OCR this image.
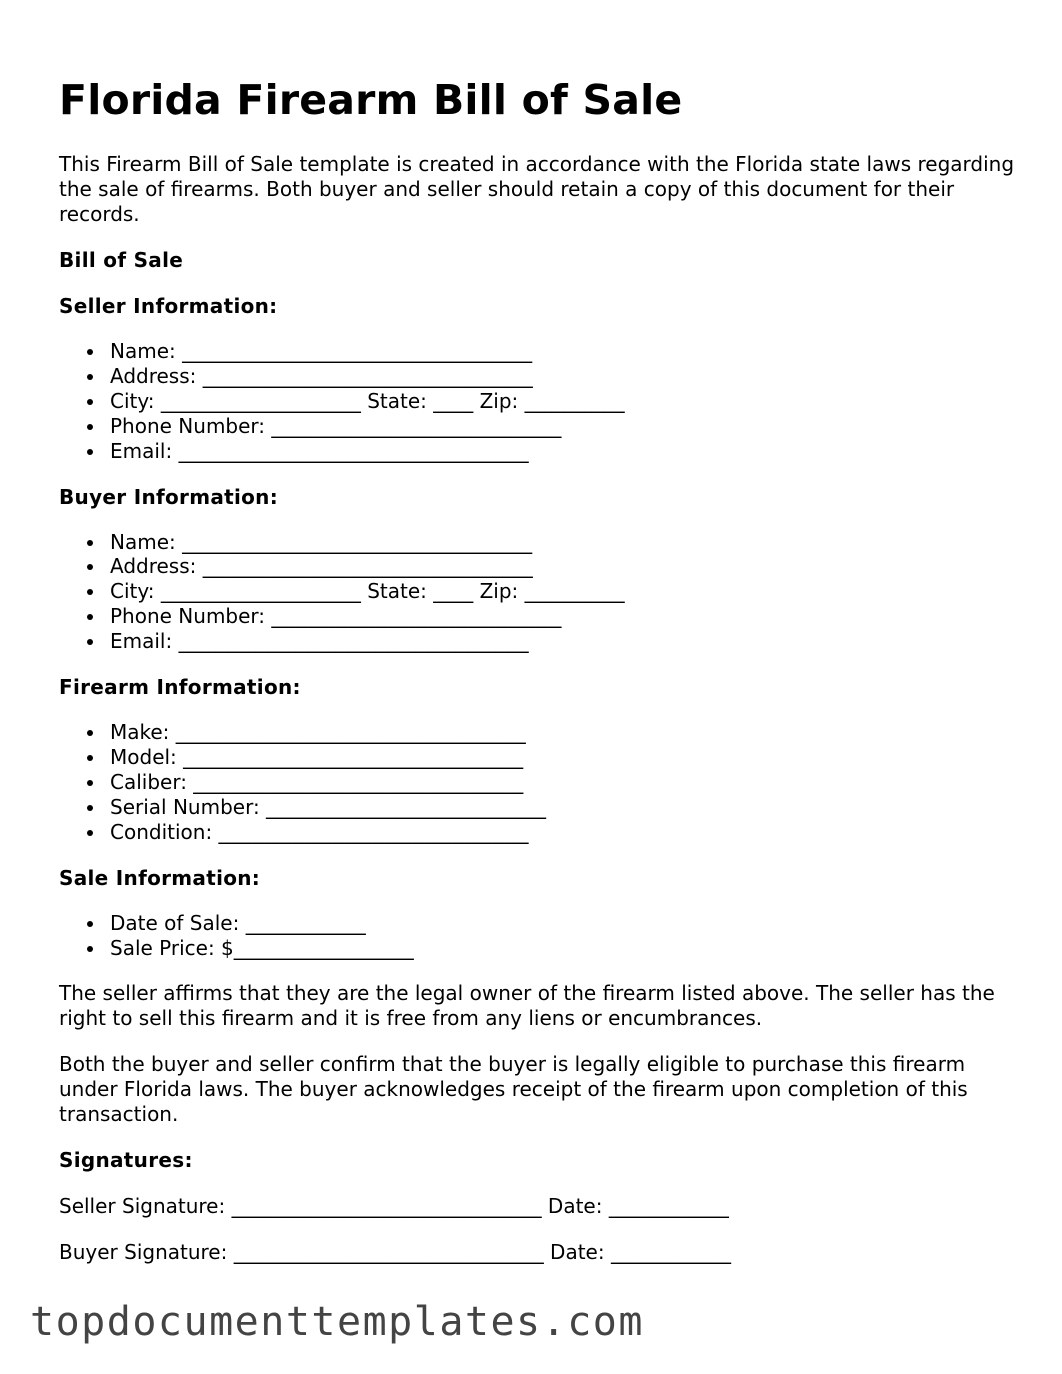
Florida Firearm Bill of Sale

This Firearm Bill of Sale template is created in accordance with the Florida state laws regarding the sale of firearms. Both buyer and seller should retain a copy of this document for their records.

Bill of Sale
Seller Information:
Name: ___________________________________
Address: _________________________________
City: ____________________ State: ____ Zip: __________
Phone Number: _____________________________
Email: ___________________________________
Buyer Information:
Name: ___________________________________
Address: _________________________________
City: ____________________ State: ____ Zip: __________
Phone Number: _____________________________
Email: ___________________________________
Firearm Information:
Make: ___________________________________
Model: __________________________________
Caliber: _________________________________
Serial Number: ____________________________
Condition: _______________________________
Sale Information:
Date of Sale: ____________
Sale Price: $__________________

The seller affirms that they are the legal owner of the firearm listed above. The seller has the right to sell this firearm and it is free from any liens or encumbrances.

Both the buyer and seller confirm that the buyer is legally eligible to purchase this firearm under Florida laws. The buyer acknowledges receipt of the firearm upon completion of this transaction.

Signatures:
Seller Signature: _______________________________ Date: ____________
Buyer Signature: _______________________________ Date: ____________
topdocumenttemplates.com
